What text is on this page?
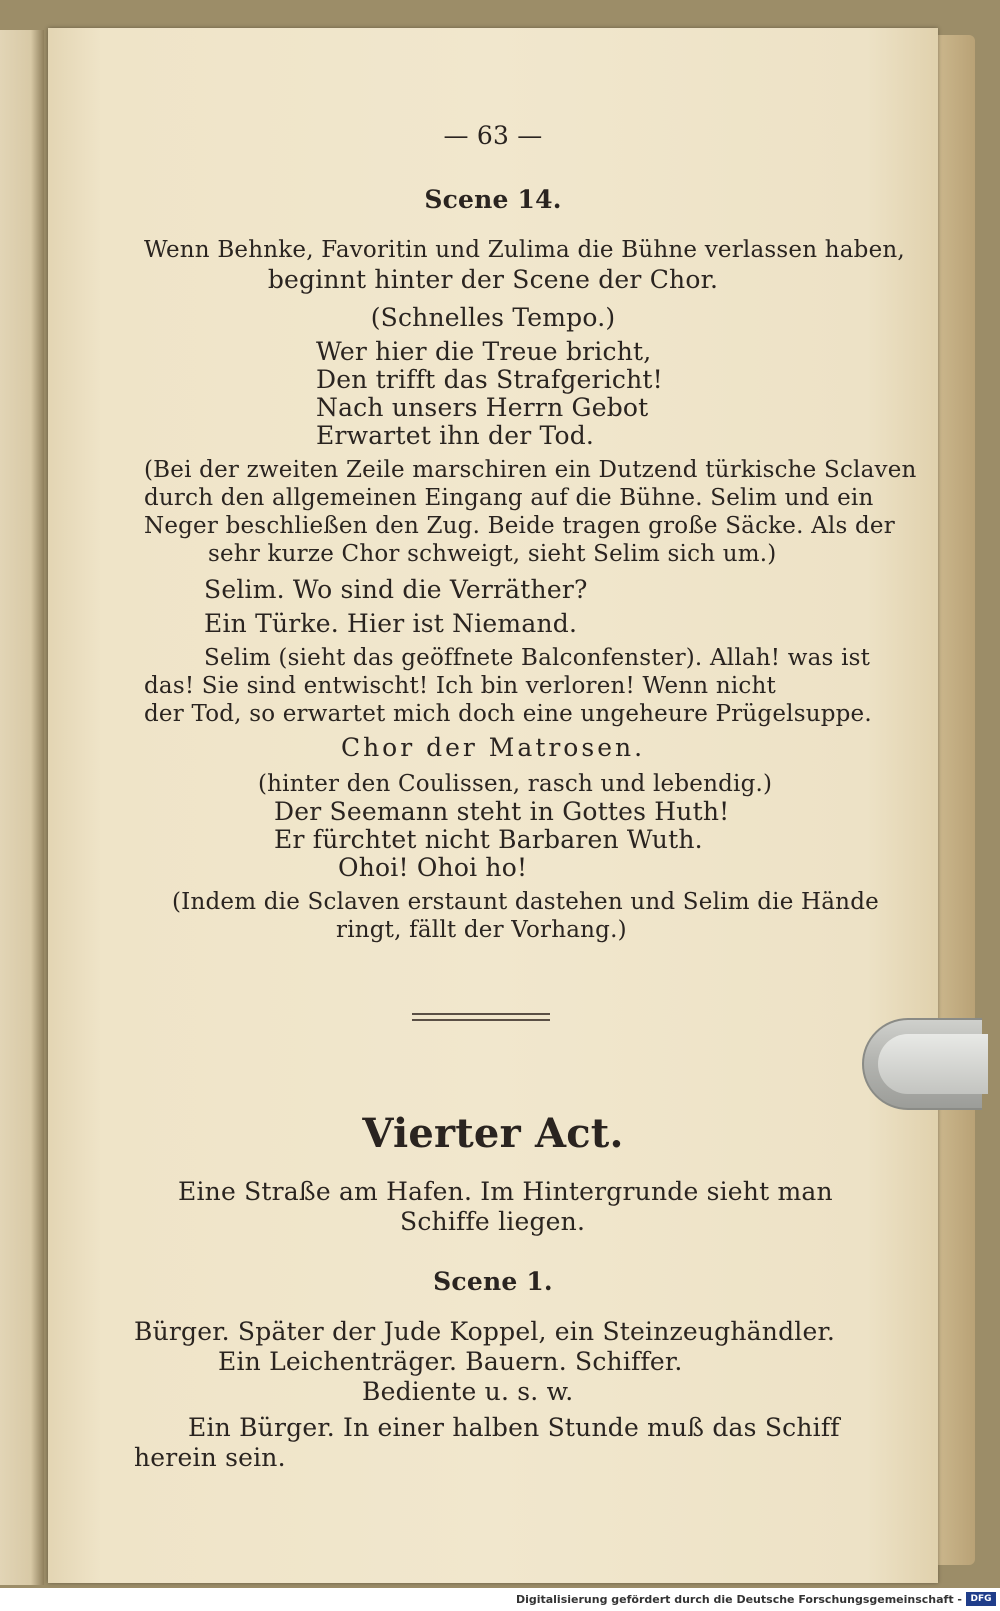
— 63 —
Scene 14.
Wenn Behnke, Favoritin und Zulima die Bühne verlassen haben,
beginnt hinter der Scene der Chor.
(Schnelles Tempo.)
Wer hier die Treue bricht,
Den trifft das Strafgericht!
Nach unsers Herrn Gebot
Erwartet ihn der Tod.
(Bei der zweiten Zeile marschiren ein Dutzend türkische Sclaven
durch den allgemeinen Eingang auf die Bühne. Selim und ein
Neger beschließen den Zug. Beide tragen große Säcke. Als der
sehr kurze Chor schweigt, sieht Selim sich um.)
Selim. Wo sind die Verräther?
Ein Türke. Hier ist Niemand.
Selim (sieht das geöffnete Balconfenster). Allah! was ist
das! Sie sind entwischt! Ich bin verloren! Wenn nicht
der Tod, so erwartet mich doch eine ungeheure Prügelsuppe.
Chor der Matrosen.
(hinter den Coulissen, rasch und lebendig.)
Der Seemann steht in Gottes Huth!
Er fürchtet nicht Barbaren Wuth.
Ohoi! Ohoi ho!
(Indem die Sclaven erstaunt dastehen und Selim die Hände
ringt, fällt der Vorhang.)
Vierter Act.
Eine Straße am Hafen. Im Hintergrunde sieht man
Schiffe liegen.
Scene 1.
Bürger. Später der Jude Koppel, ein Steinzeughändler.
Ein Leichenträger. Bauern. Schiffer.
Bediente u. s. w.
Ein Bürger. In einer halben Stunde muß das Schiff
herein sein.
Digitalisierung gefördert durch die Deutsche Forschungsgemeinschaft - DFG
